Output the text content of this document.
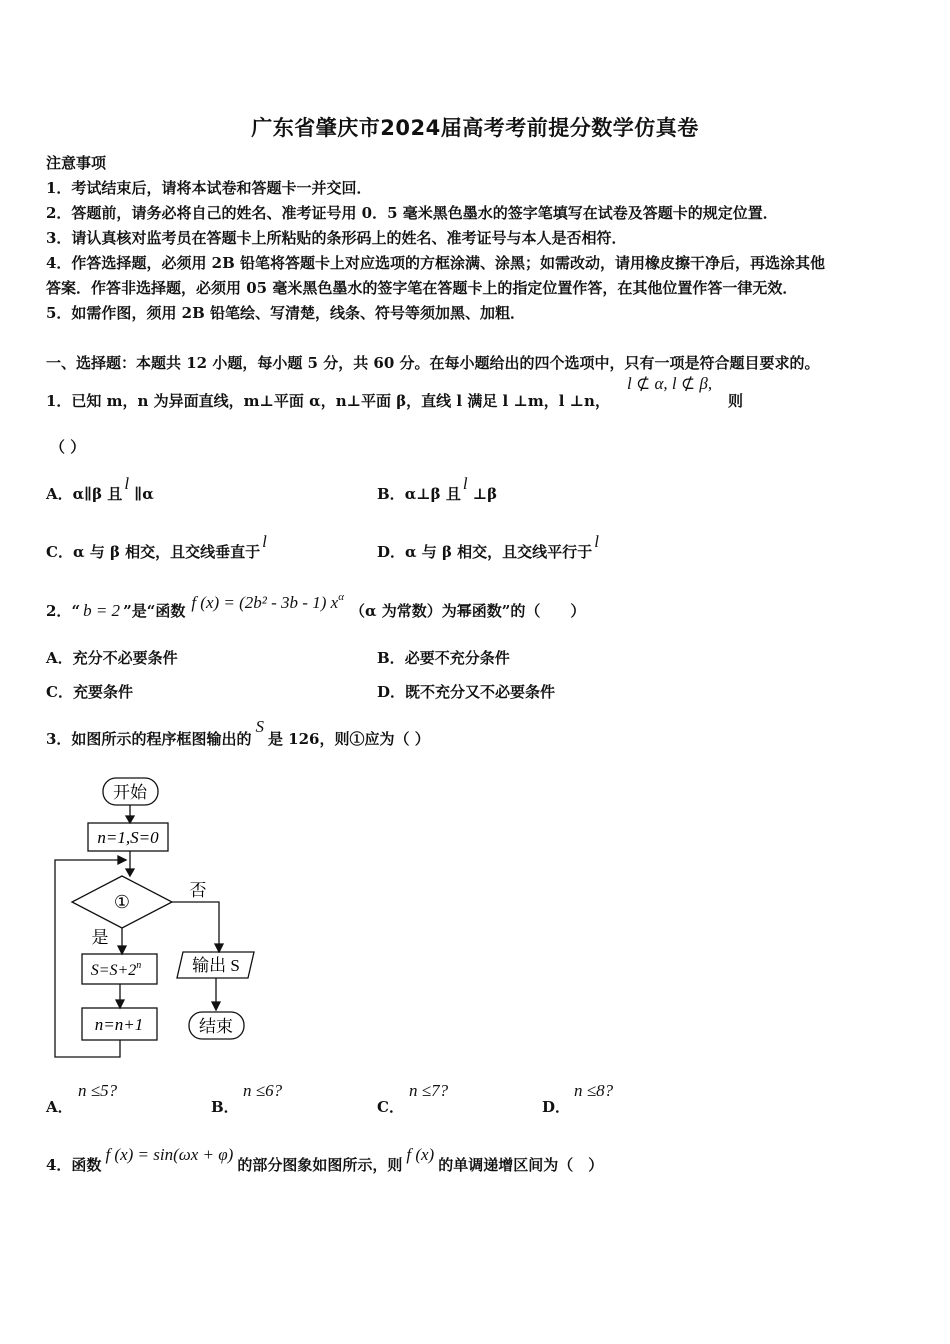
广东省肇庆市2024届高考考前提分数学仿真卷
注意事项
1．考试结束后，请将本试卷和答题卡一并交回．
2．答题前，请务必将自己的姓名、准考证号用 0．5 毫米黑色墨水的签字笔填写在试卷及答题卡的规定位置．
3．请认真核对监考员在答题卡上所粘贴的条形码上的姓名、准考证号与本人是否相符．
4．作答选择题，必须用 2B 铅笔将答题卡上对应选项的方框涂满、涂黑；如需改动，请用橡皮擦干净后，再选涂其他
答案．作答非选择题，必须用 05 毫米黑色墨水的签字笔在答题卡上的指定位置作答，在其他位置作答一律无效．
5．如需作图，须用 2B 铅笔绘、写清楚，线条、符号等须加黑、加粗．
一、选择题：本题共 12 小题，每小题 5 分，共 60 分。在每小题给出的四个选项中，只有一项是符合题目要求的。
1．已知 m，n 为异面直线，m⊥平面 α，n⊥平面 β，直线 l 满足 l ⊥m，l ⊥n，
l ⊄ α, l ⊄ β,
则
（ ）
A．α∥β 且l ∥α	B．α⊥β 且l ⊥β
C．α 与 β 相交，且交线垂直于l
D．α 与 β 相交，且交线平行于l
2．“ b = 2 ”是“函数 f (x) = (2b² - 3b - 1) $x^\alpha(\alpha$ 为常数）为幂函数”的（　　）
A．充分不必要条件	B．必要不充分条件
C．充要条件	D．既不充分又不必要条件
3．如图所示的程序框图输出的S是 126，则①应为（ ）
开始
n=1,S=0
①
否
是
$S=S+2^n$
n=n+1
输出 S
结束
A．
n ≤5?
B．
n ≤6?
C．
n ≤7?
D．
n ≤8?
4．函数f (x) = sin(ωx + φ)的部分图象如图所示，则f (x)的单调递增区间为（　）
